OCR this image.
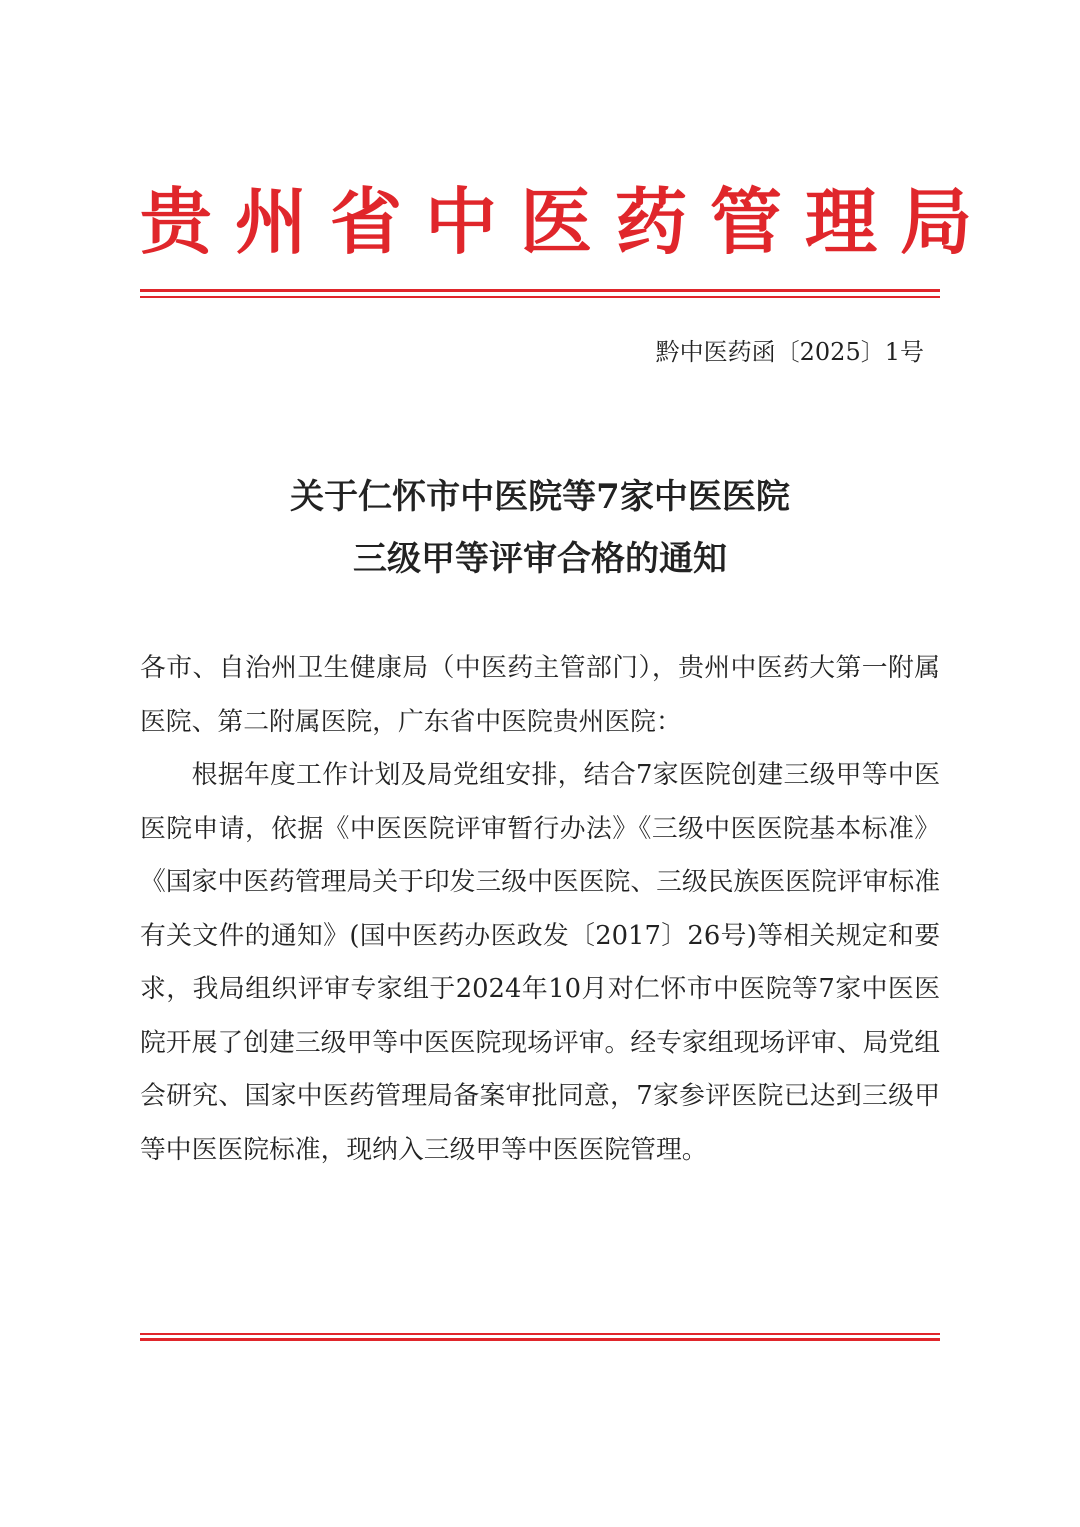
贵州省中医药管理局
黔中医药函〔2025〕1号
关于仁怀市中医院等7家中医医院
三级甲等评审合格的通知

各市、自治州卫生健康局（中医药主管部门），贵州中医药大第一附属医院、第二附属医院，广东省中医院贵州医院：

根据年度工作计划及局党组安排，结合7家医院创建三级甲等中医医院申请，依据《中医医院评审暂行办法》《三级中医医院基本标准》《国家中医药管理局关于印发三级中医医院、三级民族医医院评审标准有关文件的通知》(国中医药办医政发〔2017〕26号)等相关规定和要求，我局组织评审专家组于2024年10月对仁怀市中医院等7家中医医院开展了创建三级甲等中医医院现场评审。经专家组现场评审、局党组会研究、国家中医药管理局备案审批同意，7家参评医院已达到三级甲等中医医院标准，现纳入三级甲等中医医院管理。
